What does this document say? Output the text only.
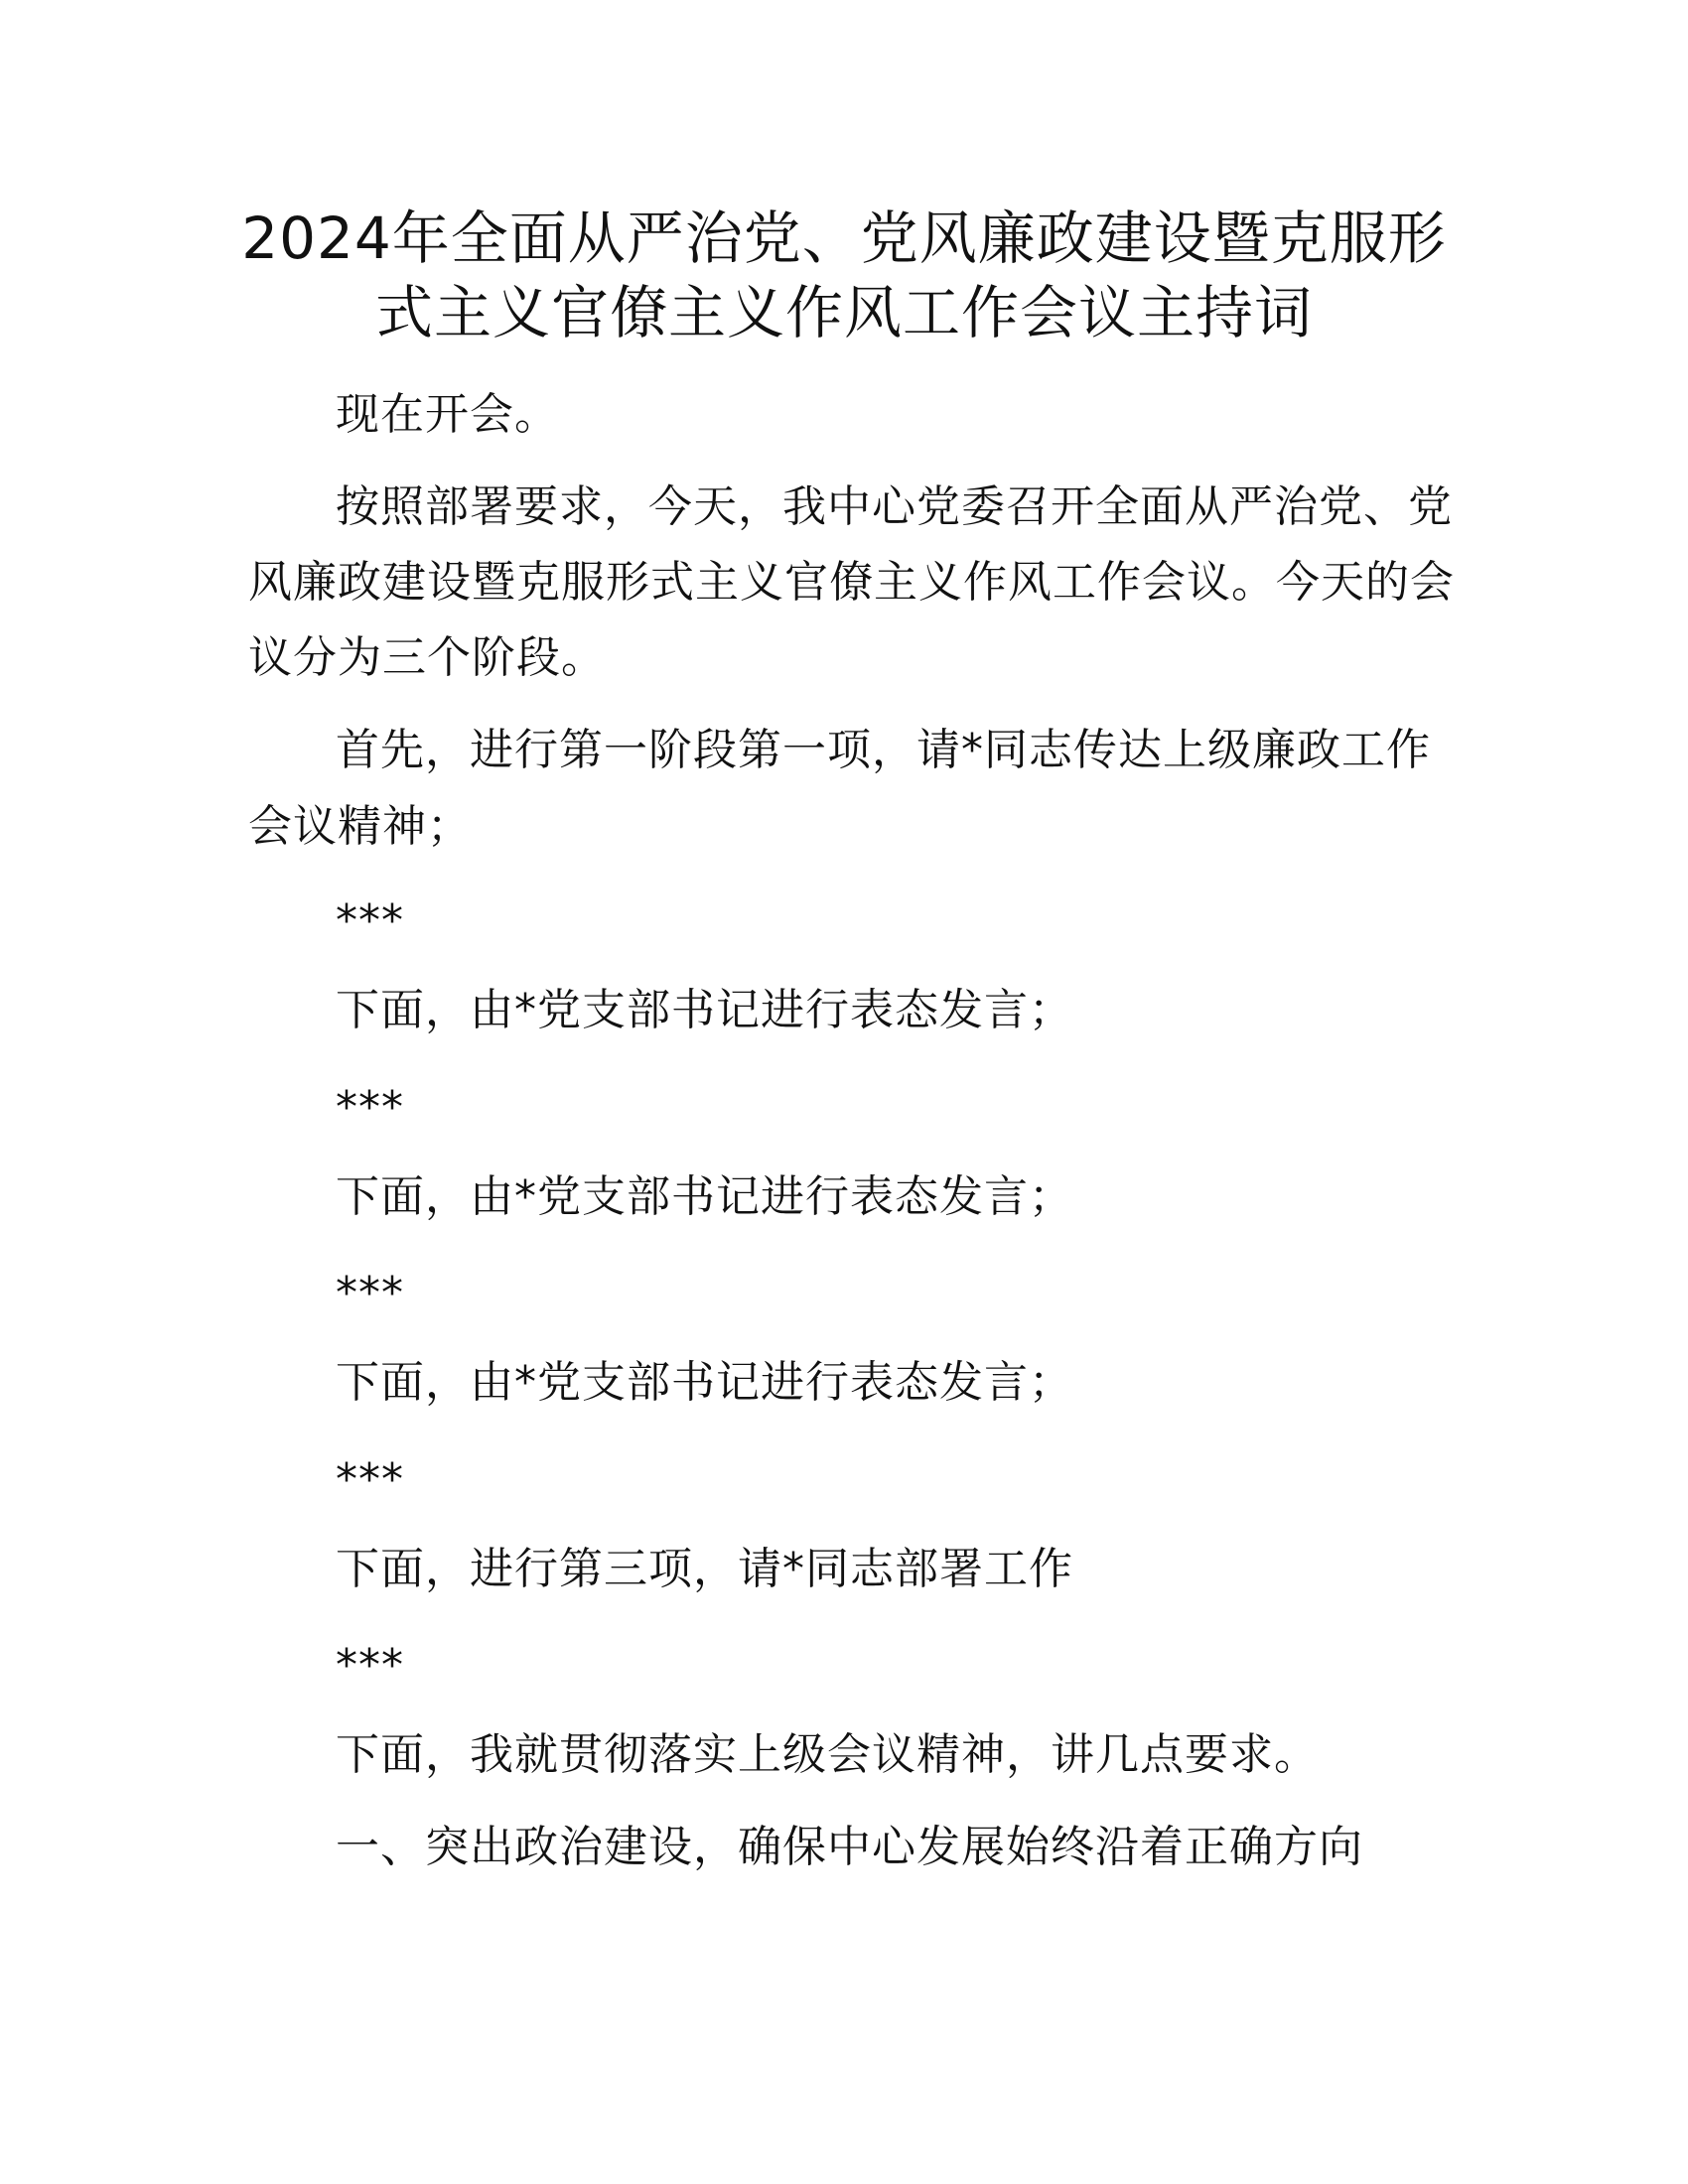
2024年全面从严治党、党风廉政建设暨克服形
式主义官僚主义作风工作会议主持词

现在开会。

按照部署要求，今天，我中心党委召开全面从严治党、党

风廉政建设暨克服形式主义官僚主义作风工作会议。今天的会

议分为三个阶段。

首先，进行第一阶段第一项，请*同志传达上级廉政工作

会议精神；

***

下面，由*党支部书记进行表态发言；

***

下面，由*党支部书记进行表态发言；

***

下面，由*党支部书记进行表态发言；

***

下面，进行第三项，请*同志部署工作

***

下面，我就贯彻落实上级会议精神，讲几点要求。

一、突出政治建设，确保中心发展始终沿着正确方向
